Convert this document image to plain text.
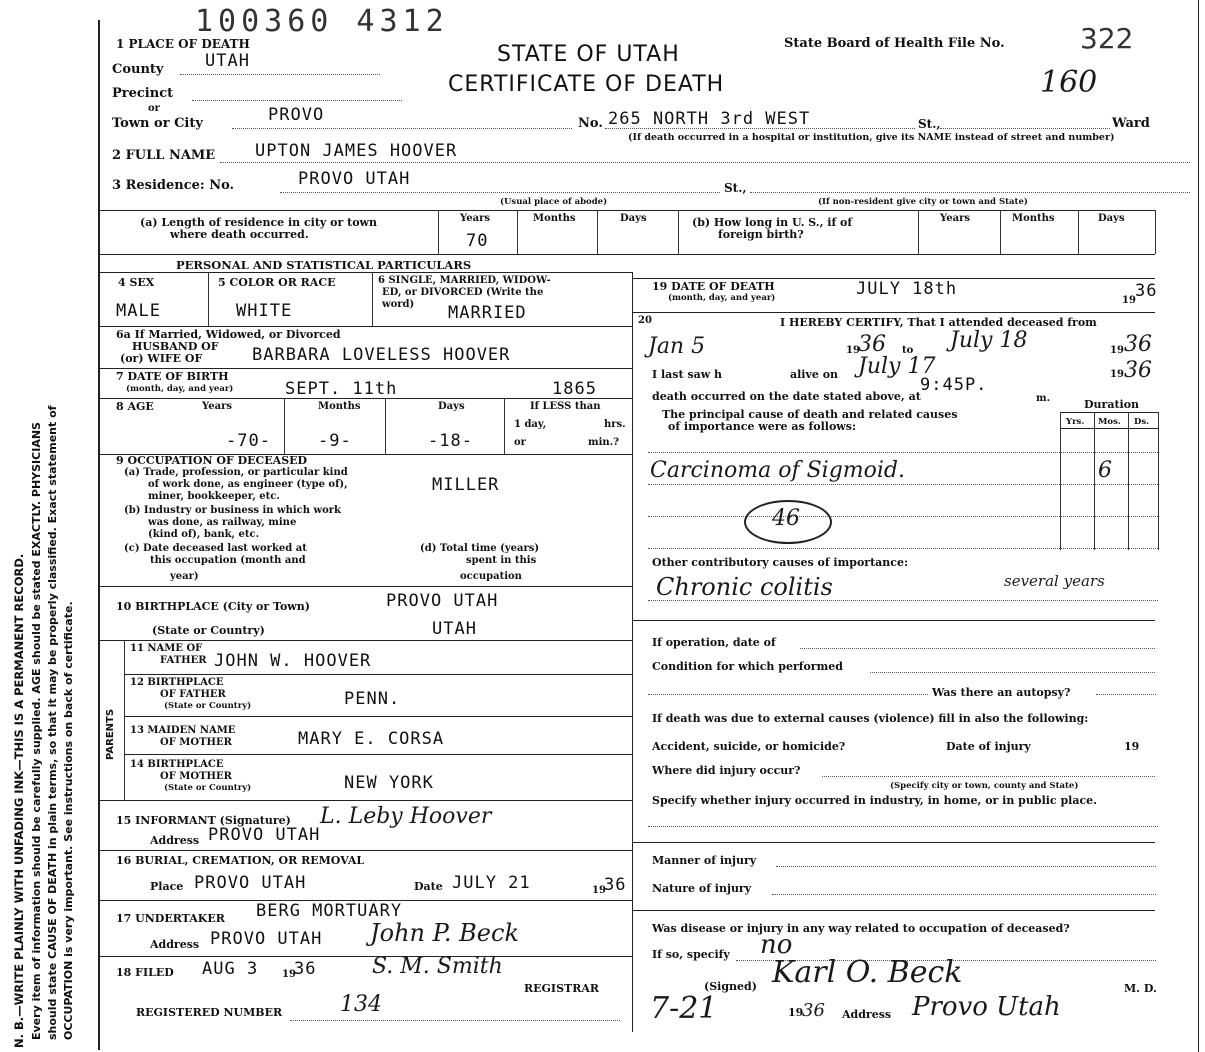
N. B.—WRITE PLAINLY WITH UNFADING INK—THIS IS A PERMANENT RECORD. Every item of information should be carefully supplied. AGE should be stated EXACTLY. PHYSICIANS should state CAUSE OF DEATH in plain terms, so that it may be properly classified. Exact statement of OCCUPATION is very important. See instructions on back of certificate.
100360 4312
STATE OF UTAH
CERTIFICATE OF DEATH
State Board of Health File No.	322
160
1 PLACE OF DEATH
County UTAH
Precinct
or
Town or City	PROVO	No. 265 NORTH 3rd WEST	St.,	Ward
(If death occurred in a hospital or institution, give its NAME instead of street and number)
2 FULL NAME UPTON JAMES HOOVER
3 Residence: No.	PROVO UTAH	St.,
(Usual place of abode)	(If non-resident give city or town and State)
(a) Length of residence in city or town
where death occurred.
Years	Months	Days
70
(b) How long in U. S., if of
foreign birth?
Years	Months	Days
PERSONAL AND STATISTICAL PARTICULARS
4 SEX
MALE
5 COLOR OR RACE
WHITE
6 SINGLE, MARRIED, WIDOW-
ED, or DIVORCED (Write the
word) MARRIED
6a If Married, Widowed, or Divorced
HUSBAND OF
(or) WIFE OF	BARBARA LOVELESS HOOVER
7 DATE OF BIRTH
(month, day, and year)	SEPT. 11th	1865
8 AGE	Years	Months	Days
-70-	-9-	-18-
If LESS than
1 day,	hrs.
or	min.?
9 OCCUPATION OF DECEASED
(a) Trade, profession, or particular kind
of work done, as engineer (type of),
miner, bookkeeper, etc.
MILLER
(b) Industry or business in which work
was done, as railway, mine
(kind of), bank, etc.
(c) Date deceased last worked at
this occupation (month and
year)
(d) Total time (years)
spent in this
occupation
10 BIRTHPLACE (City or Town)	PROVO UTAH
(State or Country)	UTAH
PARENTS
11 NAME OF
FATHER JOHN W. HOOVER
12 BIRTHPLACE
OF FATHER
(State or Country)	PENN.
13 MAIDEN NAME
OF MOTHER	MARY E. CORSA
14 BIRTHPLACE
OF MOTHER
(State or Country)	NEW YORK
15 INFORMANT (Signature) L. Leby Hoover
Address PROVO UTAH
16 BURIAL, CREMATION, OR REMOVAL
Place PROVO UTAH	Date JULY 21	19
36
17 UNDERTAKER BERG MORTUARY
Address PROVO UTAH John P. Beck
18 FILED AUG 3 19
36	S. M. Smith
REGISTRAR
REGISTERED NUMBER	134
19 DATE OF DEATH
(month, day, and year)	JULY 18th
19 36
20	I HEREBY CERTIFY, That I attended deceased from
Jan 5	19
36 to July 18	19 36
I last saw h	alive on July 17	19 36
death occurred on the date stated above, at
9:45P.
m.
The principal cause of death and related causes
of importance were as follows:
Duration
Yrs. Mos. Ds.
Carcinoma of Sigmoid.	6
46
Other contributory causes of importance:
Chronic colitis	several years
If operation, date of
Condition for which performed
Was there an autopsy?
If death was due to external causes (violence) fill in also the following:
Accident, suicide, or homicide?	Date of injury	19
Where did injury occur?
(Specify city or town, county and State)
Specify whether injury occurred in industry, in home, or in public place.
Manner of injury
Nature of injury
Was disease or injury in any way related to occupation of deceased?
If so, specify no
(Signed) Karl O. Beck	M. D.
7-21	19
36 Address Provo Utah
